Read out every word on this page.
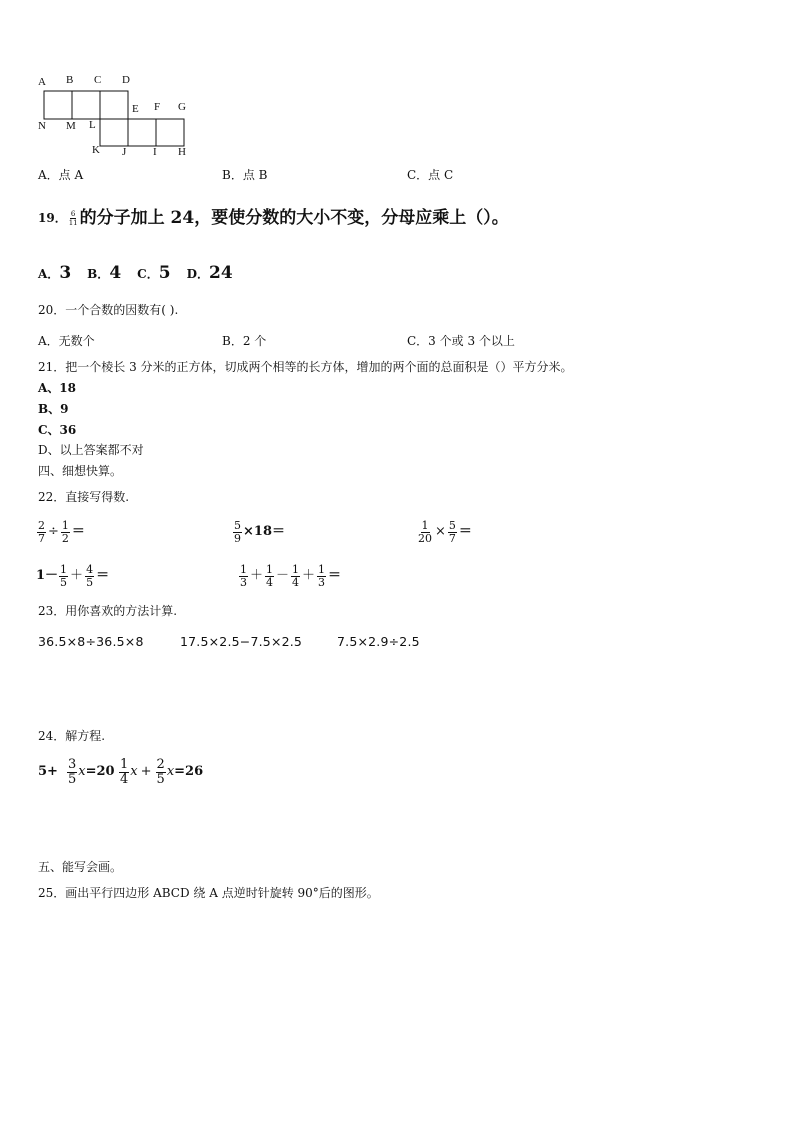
A B C D
N M L
E F G
K J I H
A．点 A	B．点 B	C．点 C
19． $\frac{6}{11}$ 的分子加上 24，要使分数的大小不变，分母应乘上（）。
A． 3 B． 4 C． 5 D． 24
20．一个合数的因数有( ).
A．无数个	B．2 个	C．3 个或 3 个以上
21．把一个棱长 3 分米的正方体，切成两个相等的长方体，增加的两个面的总面积是（）平方分米。
A、18
B、9
C、36
D、以上答案都不对
四、细想快算。
22．直接写得数.
$\frac{2}{7} \div \frac{1}{2}$ ＝	$\frac{5}{9} \times 18=$	$\frac{1}{20} \times \frac{5}{7}$ ＝
$1- \frac{1}{5} + \frac{4}{5}$ ＝	$\frac{1}{3} + \frac{1}{4} - \frac{1}{4} + \frac{1}{3}$ ＝
23．用你喜欢的方法计算.
36.5×8÷36.5×8	17.5×2.5−7.5×2.5	7.5×2.9÷2.5
24．解方程.
$5+ \frac{3}{5}$ $x =20 \frac{1}{4}$ $x + \frac{2}{5}$ x =26
五、能写会画。
25．画出平行四边形 ABCD 绕 A 点逆时针旋转 90°后的图形。
